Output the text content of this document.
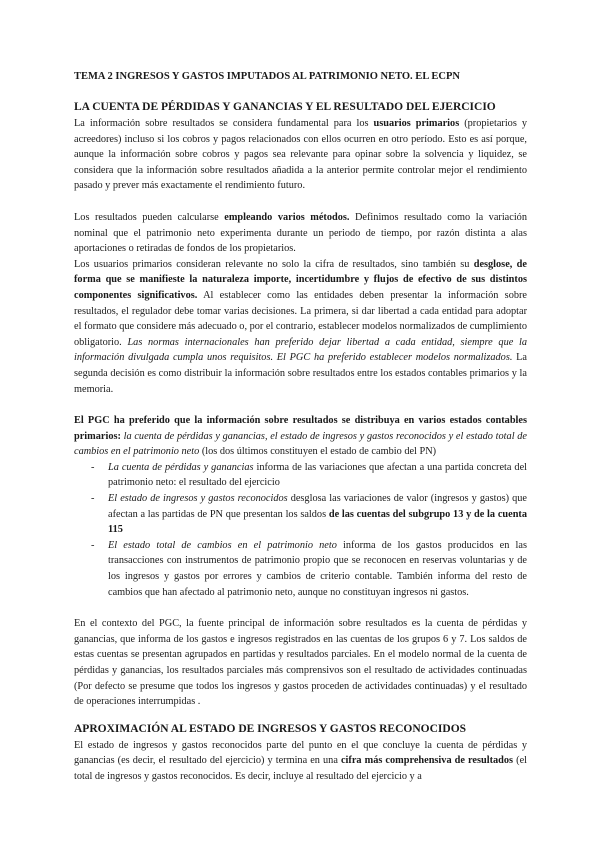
TEMA 2 INGRESOS Y GASTOS IMPUTADOS AL PATRIMONIO NETO. EL ECPN
LA CUENTA DE PÉRDIDAS Y GANANCIAS Y EL RESULTADO DEL EJERCICIO

La información sobre resultados se considera fundamental para los usuarios primarios (propietarios y acreedores) incluso si los cobros y pagos relacionados con ellos ocurren en otro período. Esto es así porque, aunque la información sobre cobros y pagos sea relevante para opinar sobre la solvencia y liquidez, se considera que la información sobre resultados añadida a la anterior permite controlar mejor el rendimiento pasado y prever más exactamente el rendimiento futuro.

Los resultados pueden calcularse empleando varios métodos. Definimos resultado como la variación nominal que el patrimonio neto experimenta durante un periodo de tiempo, por razón distinta a alas aportaciones o retiradas de fondos de los propietarios.

Los usuarios primarios consideran relevante no solo la cifra de resultados, sino también su desglose, de forma que se manifieste la naturaleza importe, incertidumbre y flujos de efectivo de sus distintos componentes significativos. Al establecer como las entidades deben presentar la información sobre resultados, el regulador debe tomar varias decisiones. La primera, si dar libertad a cada entidad para adoptar el formato que considere más adecuado o, por el contrario, establecer modelos normalizados de cumplimiento obligatorio. Las normas internacionales han preferido dejar libertad a cada entidad, siempre que la información divulgada cumpla unos requisitos. El PGC ha preferido establecer modelos normalizados. La segunda decisión es como distribuir la información sobre resultados entre los estados contables primarios y la memoria.

El PGC ha preferido que la información sobre resultados se distribuya en varios estados contables primarios: la cuenta de pérdidas y ganancias, el estado de ingresos y gastos reconocidos y el estado total de cambios en el patrimonio neto (los dos últimos constituyen el estado de cambio del PN)

- La cuenta de pérdidas y ganancias informa de las variaciones que afectan a una partida concreta del patrimonio neto: el resultado del ejercicio
- El estado de ingresos y gastos reconocidos desglosa las variaciones de valor (ingresos y gastos) que afectan a las partidas de PN que presentan los saldos de las cuentas del subgrupo 13 y de la cuenta 115
- El estado total de cambios en el patrimonio neto informa de los gastos producidos en las transacciones con instrumentos de patrimonio propio que se reconocen en reservas voluntarias y de los ingresos y gastos por errores y cambios de criterio contable. También informa del resto de cambios que han afectado al patrimonio neto, aunque no constituyan ingresos ni gastos.

En el contexto del PGC, la fuente principal de información sobre resultados es la cuenta de pérdidas y ganancias, que informa de los gastos e ingresos registrados en las cuentas de los grupos 6 y 7. Los saldos de estas cuentas se presentan agrupados en partidas y resultados parciales. En el modelo normal de la cuenta de pérdidas y ganancias, los resultados parciales más comprensivos son el resultado de actividades continuadas (Por defecto se presume que todos los ingresos y gastos proceden de actividades continuadas) y el resultado de operaciones interrumpidas .

APROXIMACIÓN AL ESTADO DE INGRESOS Y GASTOS RECONOCIDOS

El estado de ingresos y gastos reconocidos parte del punto en el que concluye la cuenta de pérdidas y ganancias (es decir, el resultado del ejercicio) y termina en una cifra más comprehensiva de resultados (el total de ingresos y gastos reconocidos. Es decir, incluye al resultado del ejercicio y a
